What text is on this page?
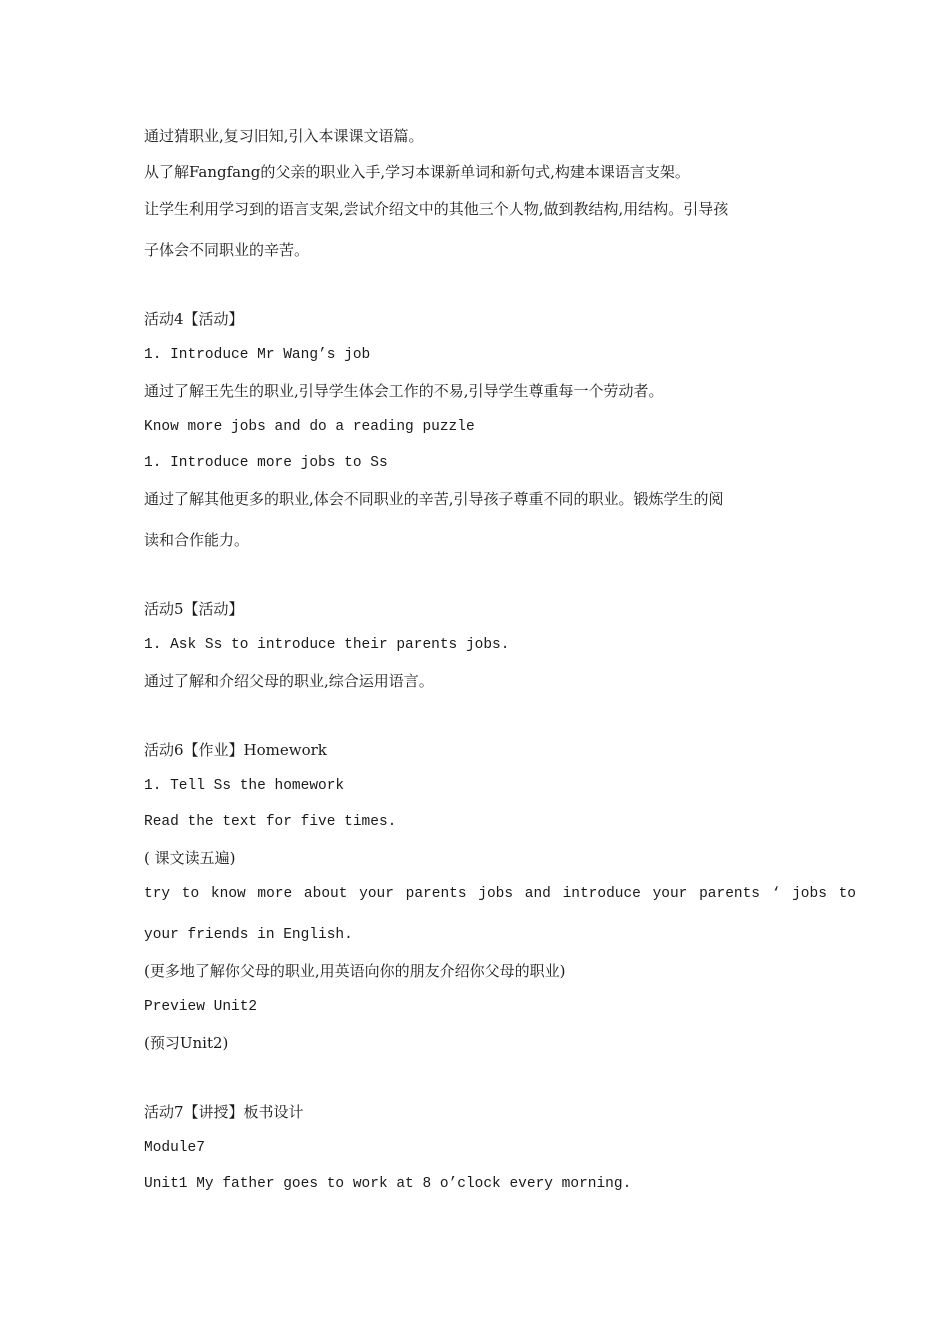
通过猜职业,复习旧知,引入本课课文语篇。
从了解Fangfang的父亲的职业入手,学习本课新单词和新句式,构建本课语言支架。
让学生利用学习到的语言支架,尝试介绍文中的其他三个人物,做到教结构,用结构。引导孩
子体会不同职业的辛苦。
活动4【活动】
1. Introduce Mr Wang’s job
通过了解王先生的职业,引导学生体会工作的不易,引导学生尊重每一个劳动者。
Know more jobs and do a reading puzzle
1. Introduce more jobs to Ss
通过了解其他更多的职业,体会不同职业的辛苦,引导孩子尊重不同的职业。锻炼学生的阅
读和合作能力。
活动5【活动】
1. Ask Ss to introduce their parents jobs.
通过了解和介绍父母的职业,综合运用语言。
活动6【作业】Homework
1. Tell Ss the homework
Read the text for five times.
( 课文读五遍)
try to know more about your parents jobs and introduce your parents ‘ jobs to
your friends in English.
(更多地了解你父母的职业,用英语向你的朋友介绍你父母的职业)
Preview Unit2
(预习Unit2)
活动7【讲授】板书设计
Module7
Unit1 My father goes to work at 8 o’clock every morning.
